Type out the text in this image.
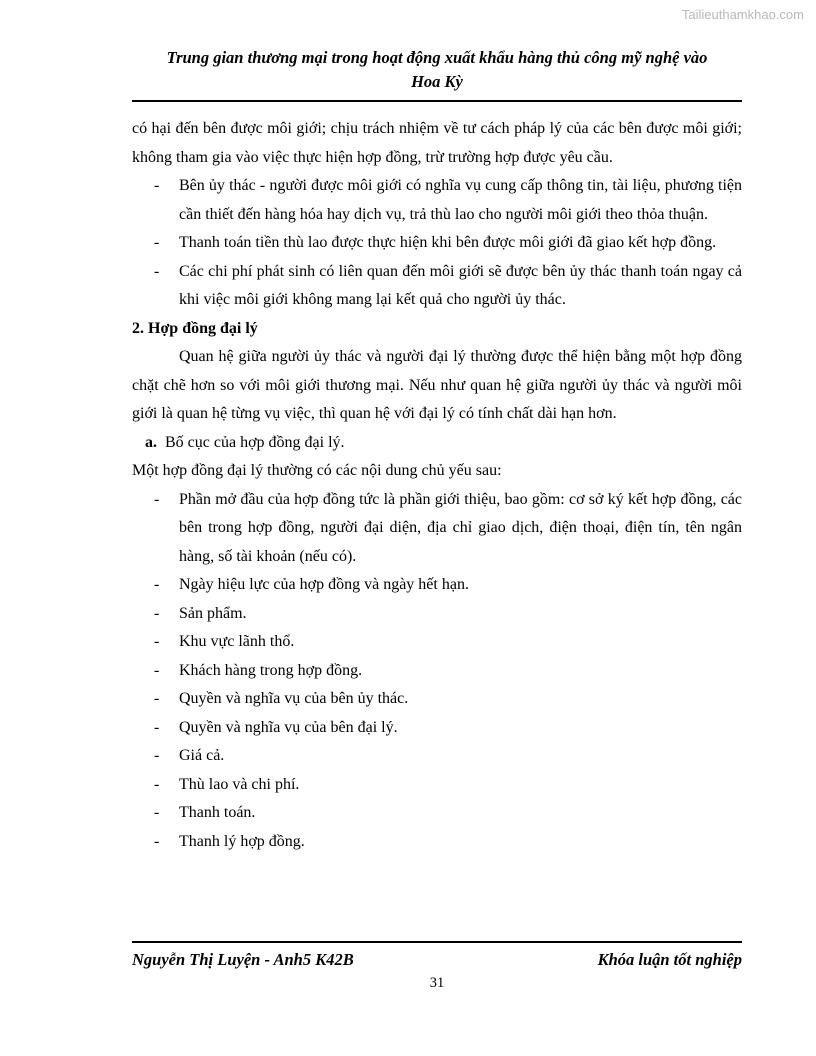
Tailieuthamkhao.com
Trung gian thương mại trong hoạt động xuất khẩu hàng thủ công mỹ nghệ vào
Hoa Kỳ

có hại đến bên được môi giới; chịu trách nhiệm về tư cách pháp lý của các bên được môi giới; không tham gia vào việc thực hiện hợp đồng, trừ trường hợp được yêu cầu.

-	Bên ủy thác - người được môi giới có nghĩa vụ cung cấp thông tin, tài liệu, phương tiện cần thiết đến hàng hóa hay dịch vụ, trả thù lao cho người môi giới theo thỏa thuận.
-	Thanh toán tiền thù lao được thực hiện khi bên được môi giới đã giao kết hợp đồng.
-	Các chi phí phát sinh có liên quan đến môi giới sẽ được bên ủy thác thanh toán ngay cả khi việc môi giới không mang lại kết quả cho người ủy thác.

2. Hợp đồng đại lý

Quan hệ giữa người ủy thác và người đại lý thường được thể hiện bằng một hợp đồng chặt chẽ hơn so với môi giới thương mại. Nếu như quan hệ giữa người ủy thác và người môi giới là quan hệ từng vụ việc, thì quan hệ với đại lý có tính chất dài hạn hơn.

a. Bố cục của hợp đồng đại lý.

Một hợp đồng đại lý thường có các nội dung chủ yếu sau:

-	Phần mở đầu của hợp đồng tức là phần giới thiệu, bao gồm: cơ sở ký kết hợp đồng, các bên trong hợp đồng, người đại diện, địa chỉ giao dịch, điện thoại, điện tín, tên ngân hàng, số tài khoản (nếu có).
-	Ngày hiệu lực của hợp đồng và ngày hết hạn.
-	Sản phẩm.
-	Khu vực lãnh thổ.
-	Khách hàng trong hợp đồng.
-	Quyền và nghĩa vụ của bên ủy thác.
-	Quyền và nghĩa vụ của bên đại lý.
-	Giá cả.
-	Thù lao và chi phí.
-	Thanh toán.
-	Thanh lý hợp đồng.
Nguyễn Thị Luyện - Anh5 K42B	Khóa luận tốt nghiệp
31
